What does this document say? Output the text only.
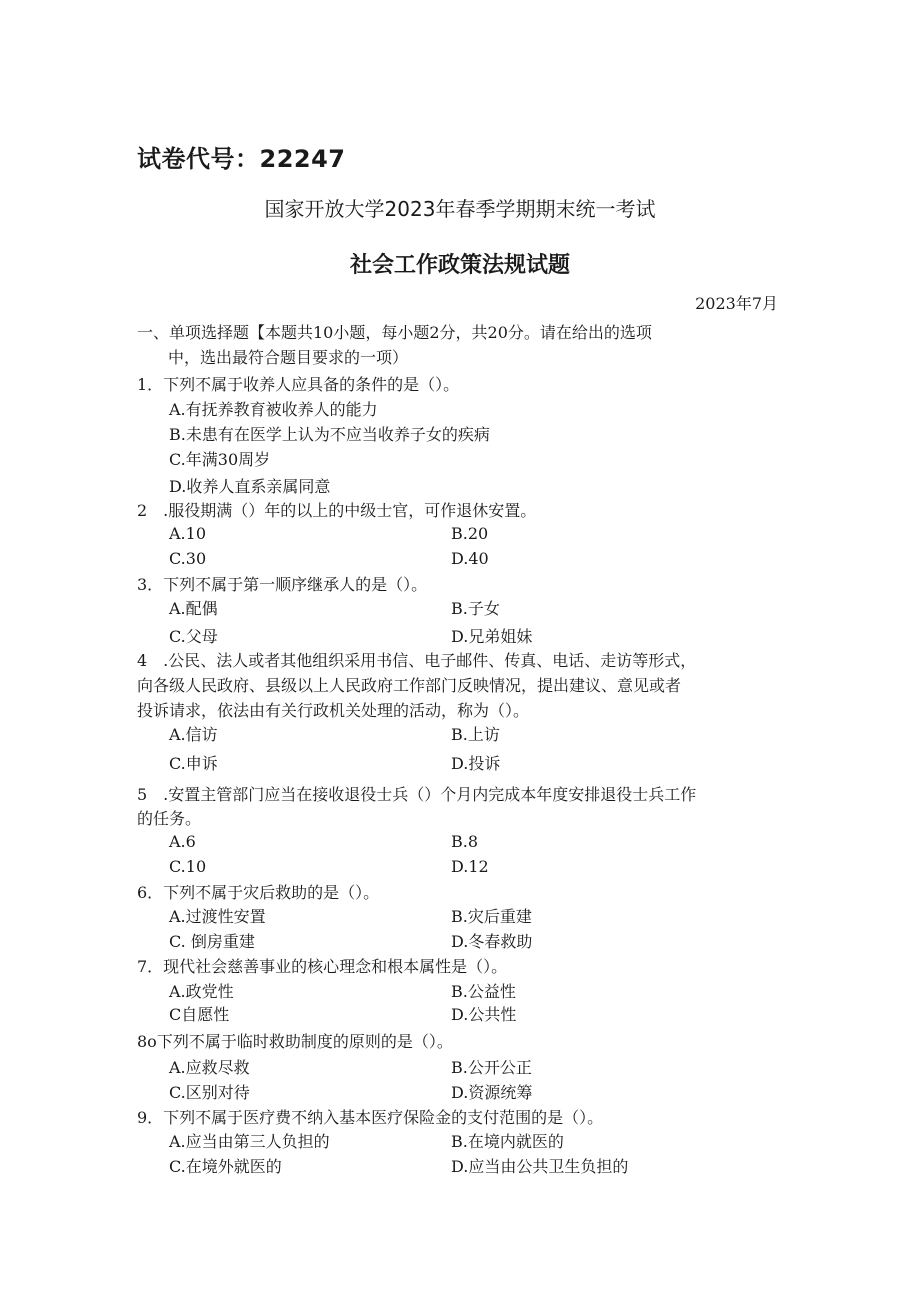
试卷代号：22247
国家开放大学2023年春季学期期末统一考试
社会工作政策法规试题
2023年7月
一、单项选择题【本题共10小题，每小题2分，共20分。请在给出的选项
中，选出最符合题目要求的一项）
1．下列不属于收养人应具备的条件的是（）。
A.有抚养教育被收养人的能力
B.未患有在医学上认为不应当收养子女的疾病
C.年满30周岁
D.收养人直系亲属同意
2　.服役期满（）年的以上的中级士官，可作退休安置。
A.10	B.20
C.30	D.40
3．下列不属于第一顺序继承人的是（）。
A.配偶	B.子女
C.父母	D.兄弟姐妹
4　.公民、法人或者其他组织采用书信、电子邮件、传真、电话、走访等形式，
向各级人民政府、县级以上人民政府工作部门反映情况，提出建议、意见或者
投诉请求，依法由有关行政机关处理的活动，称为（）。
A.信访	B.上访
C.申诉	D.投诉
5　.安置主管部门应当在接收退役士兵（）个月内完成本年度安排退役士兵工作
的任务。
A.6	B.8
C.10	D.12
6．下列不属于灾后救助的是（）。
A.过渡性安置	B.灾后重建
C. 倒房重建	D.冬春救助
7．现代社会慈善事业的核心理念和根本属性是（）。
A.政党性	B.公益性
C自愿性	D.公共性
8o下列不属于临时救助制度的原则的是（）。
A.应救尽救	B.公开公正
C.区别对待	D.资源统筹
9．下列不属于医疗费不纳入基本医疗保险金的支付范围的是（）。
A.应当由第三人负担的	B.在境内就医的
C.在境外就医的	D.应当由公共卫生负担的
